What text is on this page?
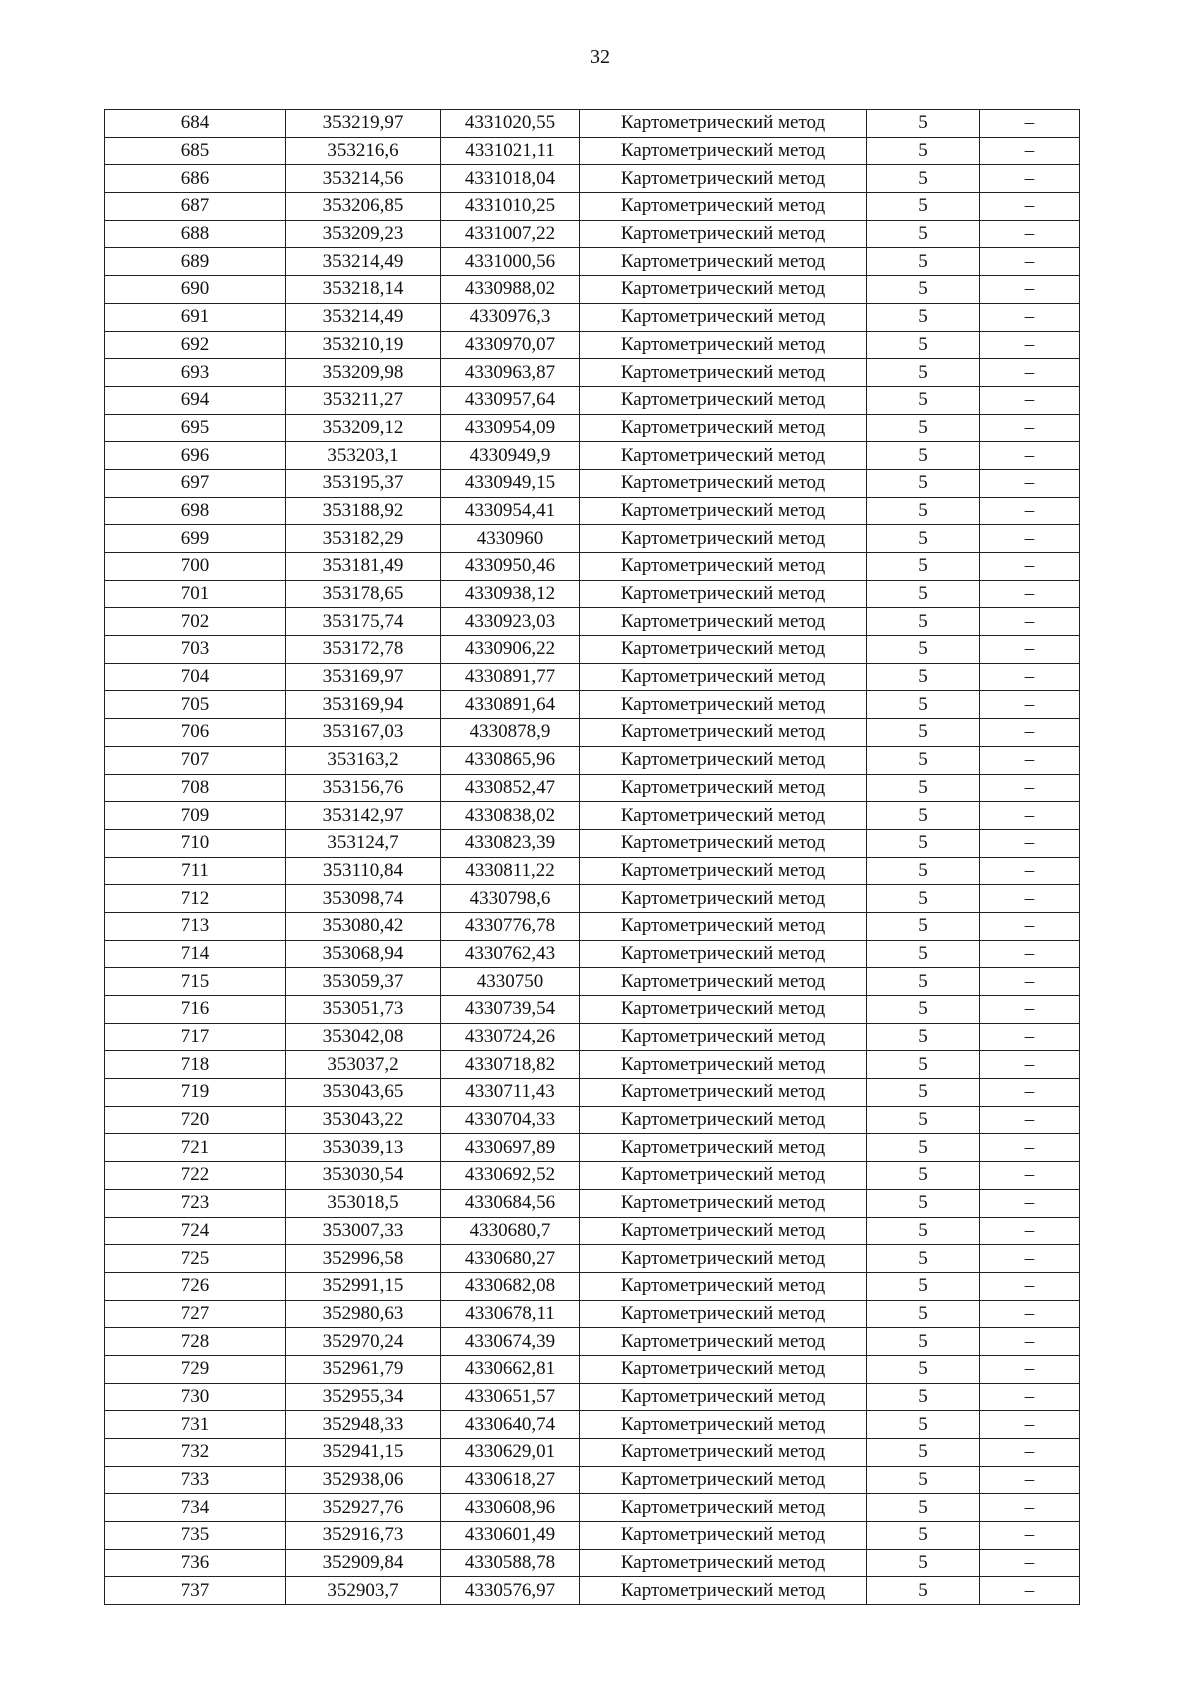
32
684	353219,97	4331020,55	Картометрический метод	5	–
685	353216,6	4331021,11	Картометрический метод	5	–
686	353214,56	4331018,04	Картометрический метод	5	–
687	353206,85	4331010,25	Картометрический метод	5	–
688	353209,23	4331007,22	Картометрический метод	5	–
689	353214,49	4331000,56	Картометрический метод	5	–
690	353218,14	4330988,02	Картометрический метод	5	–
691	353214,49	4330976,3	Картометрический метод	5	–
692	353210,19	4330970,07	Картометрический метод	5	–
693	353209,98	4330963,87	Картометрический метод	5	–
694	353211,27	4330957,64	Картометрический метод	5	–
695	353209,12	4330954,09	Картометрический метод	5	–
696	353203,1	4330949,9	Картометрический метод	5	–
697	353195,37	4330949,15	Картометрический метод	5	–
698	353188,92	4330954,41	Картометрический метод	5	–
699	353182,29	4330960	Картометрический метод	5	–
700	353181,49	4330950,46	Картометрический метод	5	–
701	353178,65	4330938,12	Картометрический метод	5	–
702	353175,74	4330923,03	Картометрический метод	5	–
703	353172,78	4330906,22	Картометрический метод	5	–
704	353169,97	4330891,77	Картометрический метод	5	–
705	353169,94	4330891,64	Картометрический метод	5	–
706	353167,03	4330878,9	Картометрический метод	5	–
707	353163,2	4330865,96	Картометрический метод	5	–
708	353156,76	4330852,47	Картометрический метод	5	–
709	353142,97	4330838,02	Картометрический метод	5	–
710	353124,7	4330823,39	Картометрический метод	5	–
711	353110,84	4330811,22	Картометрический метод	5	–
712	353098,74	4330798,6	Картометрический метод	5	–
713	353080,42	4330776,78	Картометрический метод	5	–
714	353068,94	4330762,43	Картометрический метод	5	–
715	353059,37	4330750	Картометрический метод	5	–
716	353051,73	4330739,54	Картометрический метод	5	–
717	353042,08	4330724,26	Картометрический метод	5	–
718	353037,2	4330718,82	Картометрический метод	5	–
719	353043,65	4330711,43	Картометрический метод	5	–
720	353043,22	4330704,33	Картометрический метод	5	–
721	353039,13	4330697,89	Картометрический метод	5	–
722	353030,54	4330692,52	Картометрический метод	5	–
723	353018,5	4330684,56	Картометрический метод	5	–
724	353007,33	4330680,7	Картометрический метод	5	–
725	352996,58	4330680,27	Картометрический метод	5	–
726	352991,15	4330682,08	Картометрический метод	5	–
727	352980,63	4330678,11	Картометрический метод	5	–
728	352970,24	4330674,39	Картометрический метод	5	–
729	352961,79	4330662,81	Картометрический метод	5	–
730	352955,34	4330651,57	Картометрический метод	5	–
731	352948,33	4330640,74	Картометрический метод	5	–
732	352941,15	4330629,01	Картометрический метод	5	–
733	352938,06	4330618,27	Картометрический метод	5	–
734	352927,76	4330608,96	Картометрический метод	5	–
735	352916,73	4330601,49	Картометрический метод	5	–
736	352909,84	4330588,78	Картометрический метод	5	–
737	352903,7	4330576,97	Картометрический метод	5	–
